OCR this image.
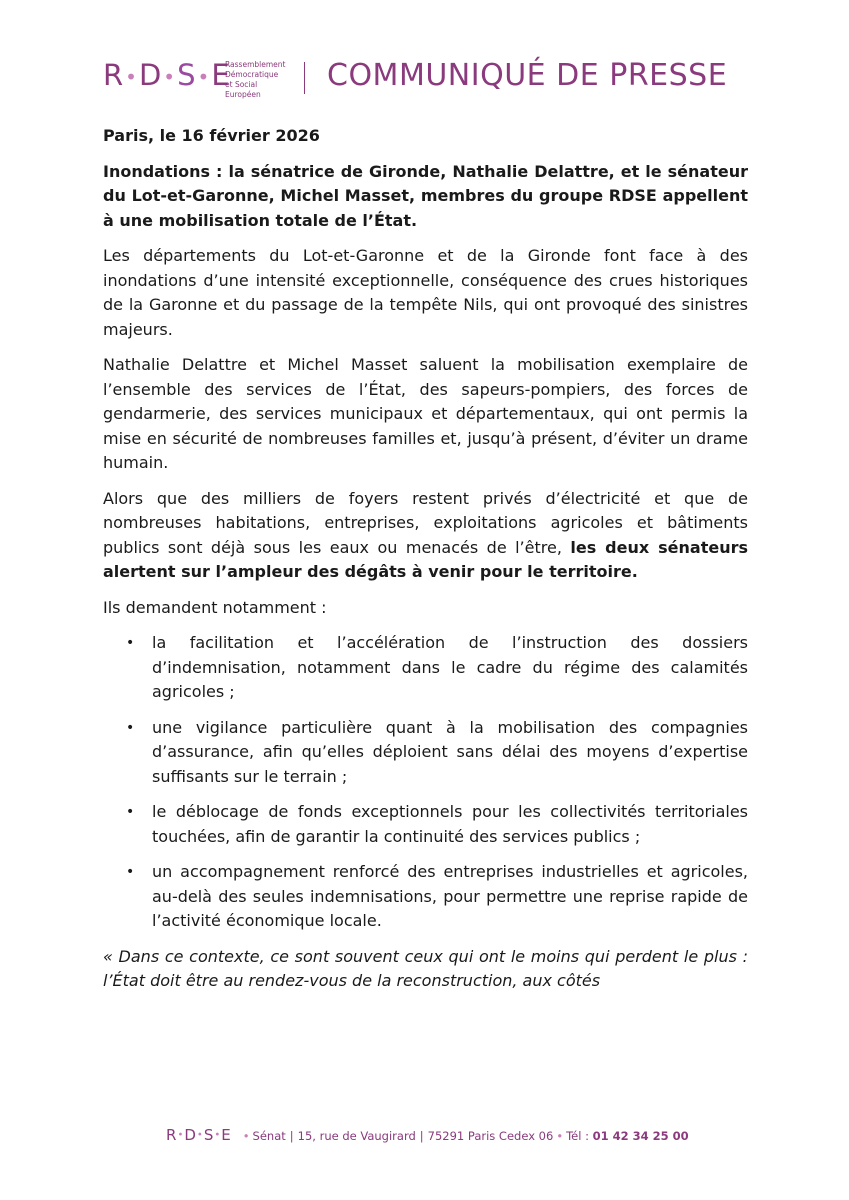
R•D•S•E
Rassemblement
Démocratique
et Social Européen
COMMUNIQUÉ DE PRESSE

Paris, le 16 février 2026

Inondations : la sénatrice de Gironde, Nathalie Delattre, et le sénateur du Lot-et-Garonne, Michel Masset, membres du groupe RDSE appellent à une mobilisation totale de l’État.

Les départements du Lot-et-Garonne et de la Gironde font face à des inondations d’une intensité exceptionnelle, conséquence des crues historiques de la Garonne et du passage de la tempête Nils, qui ont provoqué des sinistres majeurs.

Nathalie Delattre et Michel Masset saluent la mobilisation exemplaire de l’ensemble des services de l’État, des sapeurs-pompiers, des forces de gendarmerie, des services municipaux et départementaux, qui ont permis la mise en sécurité de nombreuses familles et, jusqu’à présent, d’éviter un drame humain.

Alors que des milliers de foyers restent privés d’électricité et que de nombreuses habitations, entreprises, exploitations agricoles et bâtiments publics sont déjà sous les eaux ou menacés de l’être, les deux sénateurs alertent sur l’ampleur des dégâts à venir pour le territoire.

Ils demandent notamment :

• la facilitation et l’accélération de l’instruction des dossiers d’indemnisation, notamment dans le cadre du régime des calamités agricoles ;
• une vigilance particulière quant à la mobilisation des compagnies d’assurance, afin qu’elles déploient sans délai des moyens d’expertise suffisants sur le terrain ;
• le déblocage de fonds exceptionnels pour les collectivités territoriales touchées, afin de garantir la continuité des services publics ;
• un accompagnement renforcé des entreprises industrielles et agricoles, au-delà des seules indemnisations, pour permettre une reprise rapide de l’activité économique locale.

« Dans ce contexte, ce sont souvent ceux qui ont le moins qui perdent le plus : l’État doit être au rendez-vous de la reconstruction, aux côtés

R•D•S•E • Sénat | 15, rue de Vaugirard | 75291 Paris Cedex 06 • Tél : 01 42 34 25 00
